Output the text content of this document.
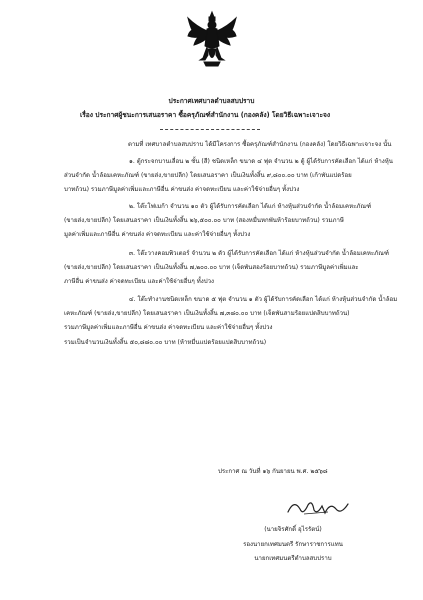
ประกาศเทศบาลตำบลสบปราบ
เรื่อง ประกาศผู้ชนะการเสนอราคา ซื้อครุภัณฑ์สำนักงาน (กองคลัง) โดยวิธีเฉพาะเจาะจง
ตามที่ เทศบาลตำบลสบปราบ ได้มีโครงการ ซื้อครุภัณฑ์สำนักงาน (กองคลัง) โดยวิธีเฉพาะเจาะจง นั้น
๑. ตู้กระจกบานเลื่อน ๒ ชั้น (สี) ชนิดเหล็ก ขนาด ๔ ฟุต จำนวน ๒ ตู้ ผู้ได้รับการคัดเลือก ได้แก่ ห้างหุ้น
ส่วนจำกัด น้ำล้อมเคหะภัณฑ์ (ขายส่ง,ขายปลีก) โดยเสนอราคา เป็นเงินทั้งสิ้น ๙,๘๐๐.๐๐ บาท (เก้าพันแปดร้อย
บาทถ้วน) รวมภาษีมูลค่าเพิ่มและภาษีอื่น ค่าขนส่ง ค่าจดทะเบียน และค่าใช้จ่ายอื่นๆ ทั้งปวง
๒. โต๊ะโฟเมก้า จำนวน ๑๐ ตัว ผู้ได้รับการคัดเลือก ได้แก่ ห้างหุ้นส่วนจำกัด น้ำล้อมเคหะภัณฑ์
(ขายส่ง,ขายปลีก) โดยเสนอราคา เป็นเงินทั้งสิ้น ๒๖,๕๐๐.๐๐ บาท (สองหมื่นหกพันห้าร้อยบาทถ้วน) รวมภาษี
มูลค่าเพิ่มและภาษีอื่น ค่าขนส่ง ค่าจดทะเบียน และค่าใช้จ่ายอื่นๆ ทั้งปวง
๓. โต๊ะวางคอมพิวเตอร์ จำนวน ๒ ตัว ผู้ได้รับการคัดเลือก ได้แก่ ห้างหุ้นส่วนจำกัด น้ำล้อมเคหะภัณฑ์
(ขายส่ง,ขายปลีก) โดยเสนอราคา เป็นเงินทั้งสิ้น ๗,๒๐๐.๐๐ บาท (เจ็ดพันสองร้อยบาทถ้วน) รวมภาษีมูลค่าเพิ่มและ
ภาษีอื่น ค่าขนส่ง ค่าจดทะเบียน และค่าใช้จ่ายอื่นๆ ทั้งปวง
๔. โต๊ะทำงานชนิดเหล็ก ขนาด ๕ ฟุต จำนวน ๑ ตัว ผู้ได้รับการคัดเลือก ได้แก่ ห้างหุ้นส่วนจำกัด น้ำล้อม
เคหะภัณฑ์ (ขายส่ง,ขายปลีก) โดยเสนอราคา เป็นเงินทั้งสิ้น ๗,๓๘๐.๐๐ บาท (เจ็ดพันสามร้อยแปดสิบบาทถ้วน)
รวมภาษีมูลค่าเพิ่มและภาษีอื่น ค่าขนส่ง ค่าจดทะเบียน และค่าใช้จ่ายอื่นๆ ทั้งปวง
รวมเป็นจำนวนเงินทั้งสิ้น ๕๐,๘๘๐.๐๐ บาท (ห้าหมื่นแปดร้อยแปดสิบบาทถ้วน)
ประกาศ ณ วันที่ ๑๖ กันยายน พ.ศ. ๒๕๖๘
(นายจิรศักดิ์ อุไรรัตน์)
รองนายกเทศมนตรี รักษาราชการแทน
นายกเทศมนตรีตำบลสบปราบ
